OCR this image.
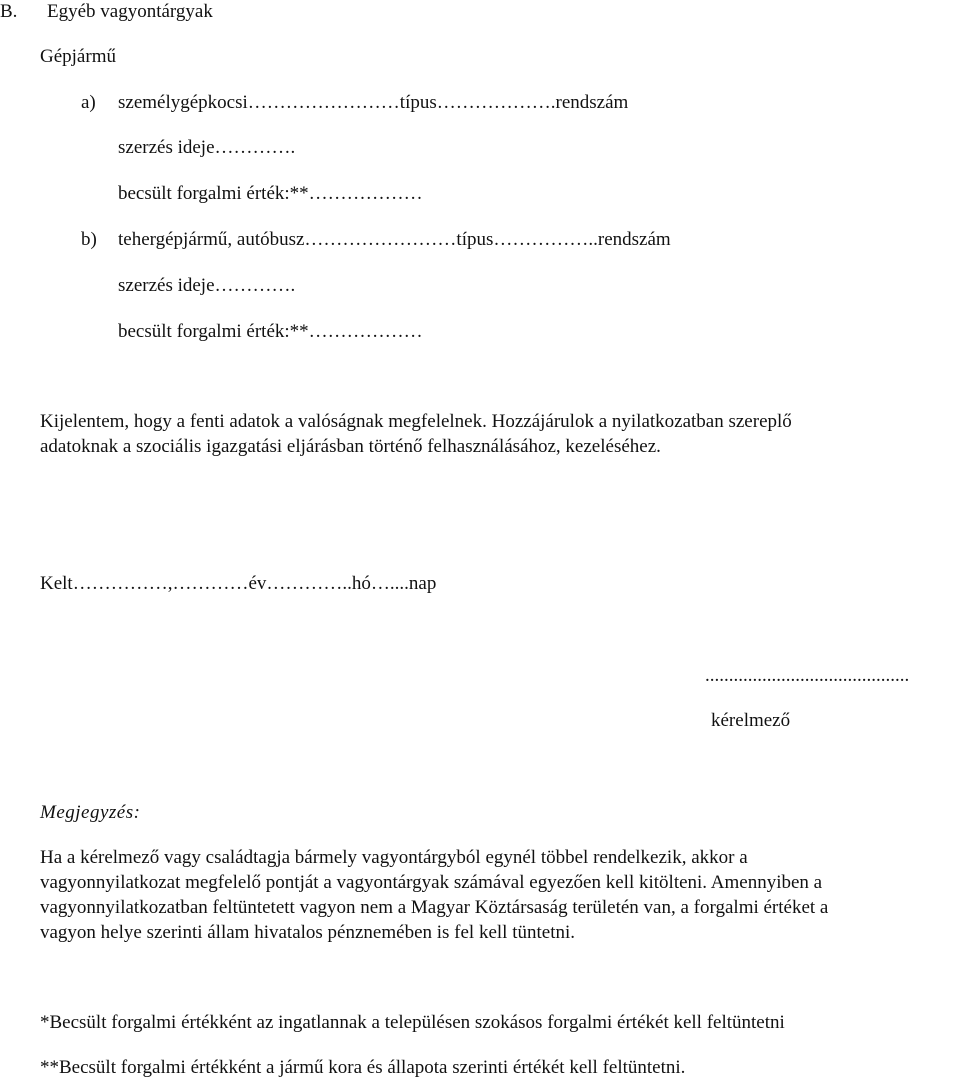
B. Egyéb vagyontárgyak
Gépjármű
a) személygépkocsi……………………típus……………….rendszám
szerzés ideje………….
becsült forgalmi érték:**………………
b) tehergépjármű, autóbusz……………………típus……………..rendszám
szerzés ideje………….
becsült forgalmi érték:**………………
Kijelentem, hogy a fenti adatok a valóságnak megfelelnek. Hozzájárulok a nyilatkozatban szereplő
adatoknak a szociális igazgatási eljárásban történő felhasználásához, kezeléséhez.
Kelt……………,…………év…………..hó…....nap
...........................................
kérelmező
Megjegyzés:
Ha a kérelmező vagy családtagja bármely vagyontárgyból egynél többel rendelkezik, akkor a
vagyonnyilatkozat megfelelő pontját a vagyontárgyak számával egyezően kell kitölteni. Amennyiben a
vagyonnyilatkozatban feltüntetett vagyon nem a Magyar Köztársaság területén van, a forgalmi értéket a
vagyon helye szerinti állam hivatalos pénznemében is fel kell tüntetni.
*Becsült forgalmi értékként az ingatlannak a településen szokásos forgalmi értékét kell feltüntetni
**Becsült forgalmi értékként a jármű kora és állapota szerinti értékét kell feltüntetni.
